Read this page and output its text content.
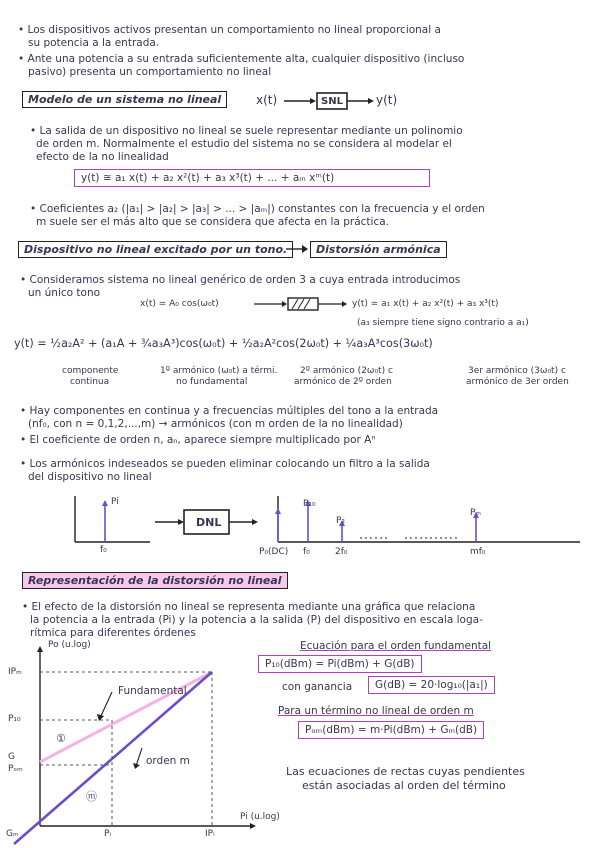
• Los dispositivos activos presentan un comportamiento no lineal proporcional a
su potencia a la entrada.
• Ante una potencia a su entrada suficientemente alta, cualquier dispositivo (incluso
pasivo) presenta un comportamiento no lineal
Modelo de un sistema no lineal	x(t)	SNL	y(t)
• La salida de un dispositivo no lineal se suele representar mediante un polinomio
de orden m. Normalmente el estudio del sistema no se considera al modelar el
efecto de la no linealidad
y(t) ≅ a₁ x(t) + a₂ x²(t) + a₃ x³(t) + ... + aₘ xᵐ(t)
• Coeficientes a₂ (|a₁| > |a₂| > |a₃| > ... > |aₘ|) constantes con la frecuencia y el orden
m suele ser el más alto que se considera que afecta en la práctica.
Dispositivo no lineal excitado por un tono.	Distorsión armónica
• Consideramos sistema no lineal genérico de orden 3 a cuya entrada introducimos
un único tono
x(t) = A₀ cos(ω₀t)	y(t) = a₁ x(t) + a₂ x²(t) + a₃ x³(t)
(a₃ siempre tiene signo contrario a a₁)
y(t) = ½a₂A² + (a₁A + ¾a₃A³)cos(ω₀t) + ½a₂A²cos(2ω₀t) + ¼a₃A³cos(3ω₀t)
componente
continua
1º armónico (ω₀t) a térmi.
no fundamental
2º armónico (2ω₀t) c
armónico de 2º orden
3er armónico (3ω₀t) c
armónico de 3er orden
• Hay componentes en continua y a frecuencias múltiples del tono a la entrada
(nf₀, con n = 0,1,2,...,m) → armónicos (con m orden de la no linealidad)
• El coeficiente de orden n, aₙ, aparece siempre multiplicado por Aⁿ
• Los armónicos indeseados se pueden eliminar colocando un filtro a la salida
del dispositivo no lineal
Pi
f₀
DNL
P₁₀
P₂
Pₘ
P₀(DC) f₀	2f₀	mf₀
Representación de la distorsión no lineal
• El efecto de la distorsión no lineal se representa mediante una gráfica que relaciona
la potencia a la entrada (Pi) y la potencia a la salida (P) del dispositivo en escala loga-
rítmica para diferentes órdenes
Po (u.log)
Pi (u.log)
IPₘ
P₁₀
G
Pₒₘ
Gₘ	Pᵢ	IPᵢ
Fundamental
orden m
①
ⓜ
Ecuación para el orden fundamental
P₁₀(dBm) = Pi(dBm) + G(dB)
con ganancia	G(dB) = 20·log₁₀(|a₁|)
Para un término no lineal de orden m
Pₒₘ(dBm) = m·Pi(dBm) + Gₘ(dB)
Las ecuaciones de rectas cuyas pendientes
están asociadas al orden del término
